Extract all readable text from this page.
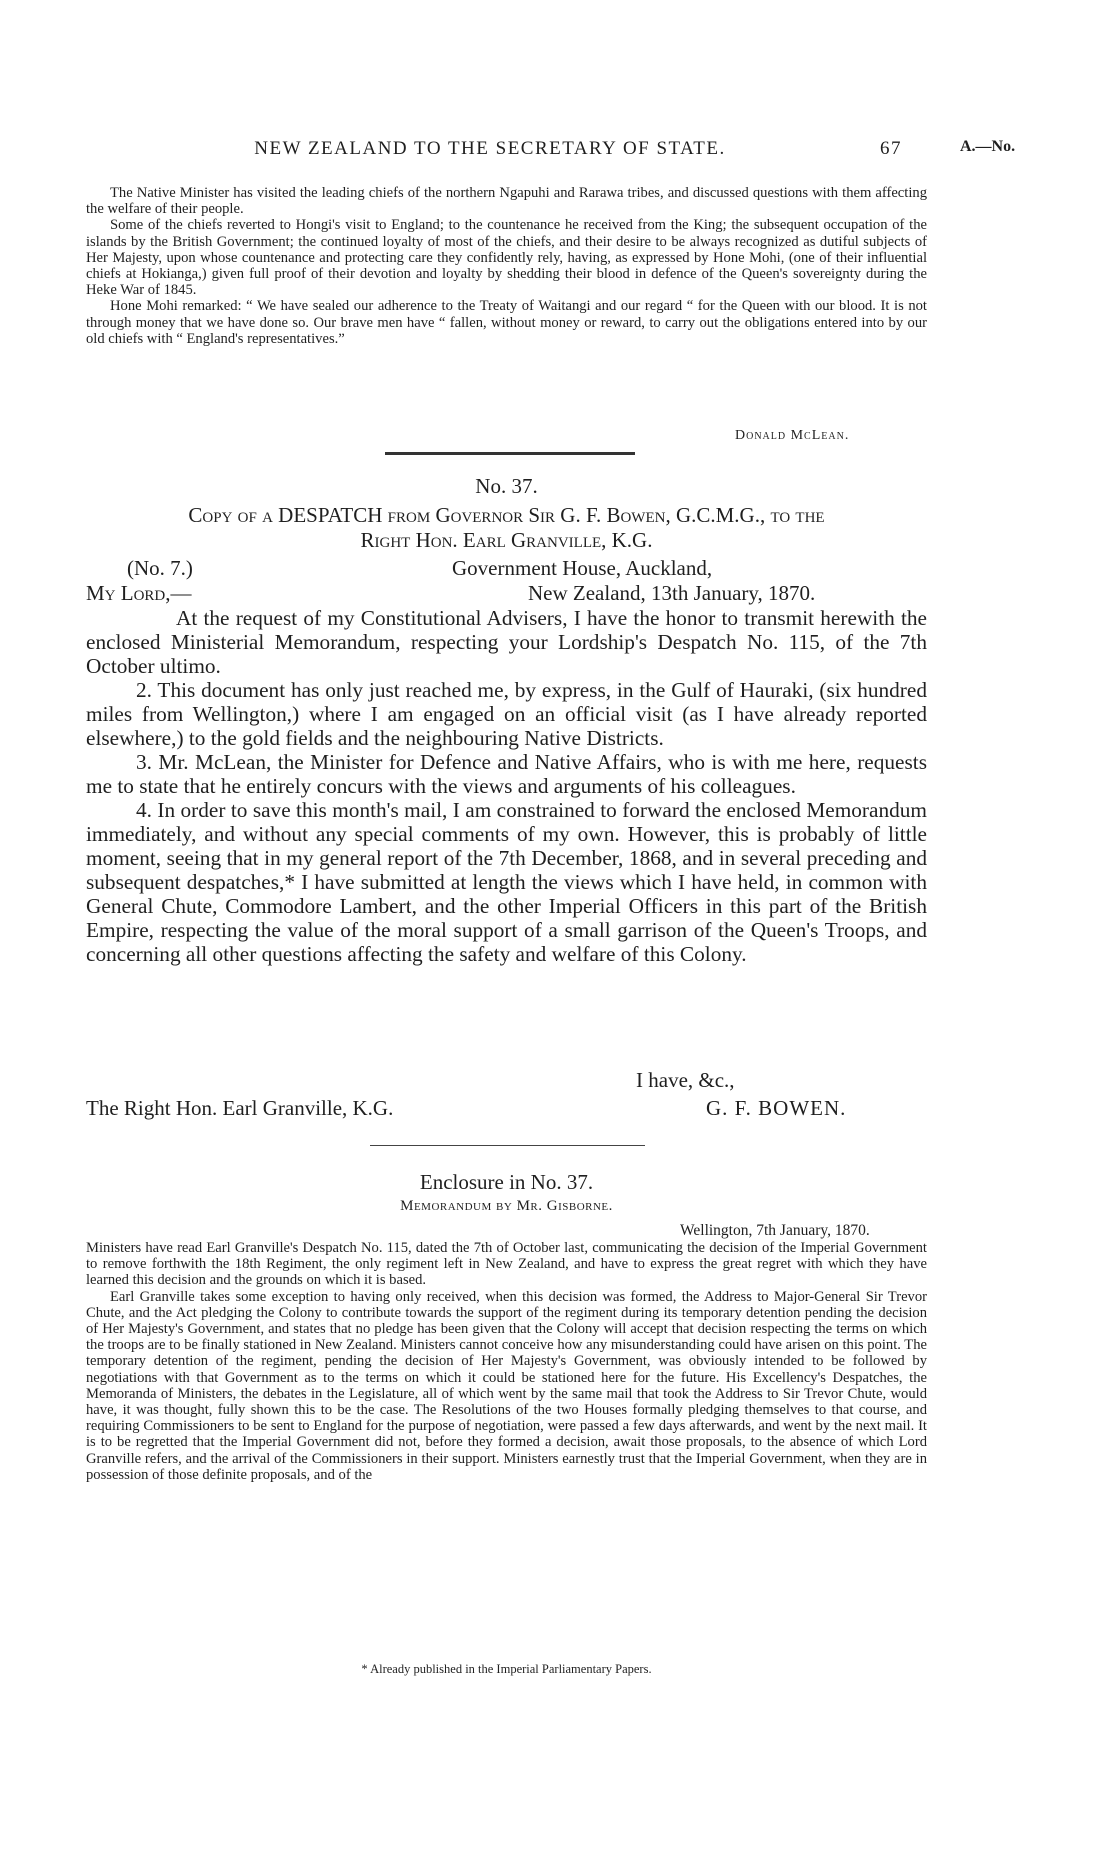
NEW ZEALAND TO THE SECRETARY OF STATE.	67	A.—No.

The Native Minister has visited the leading chiefs of the northern Ngapuhi and Rarawa tribes, and discussed questions with them affecting the welfare of their people.

Some of the chiefs reverted to Hongi's visit to England; to the countenance he received from the King; the subsequent occupation of the islands by the British Government; the continued loyalty of most of the chiefs, and their desire to be always recognized as dutiful subjects of Her Majesty, upon whose countenance and protecting care they confidently rely, having, as expressed by Hone Mohi, (one of their influential chiefs at Hokianga,) given full proof of their devotion and loyalty by shedding their blood in defence of the Queen's sovereignty during the Heke War of 1845.

Hone Mohi remarked: “ We have sealed our adherence to the Treaty of Waitangi and our regard “ for the Queen with our blood. It is not through money that we have done so. Our brave men have “ fallen, without money or reward, to carry out the obligations entered into by our old chiefs with “ England's representatives.”

Donald McLean.
No. 37.
Copy of a DESPATCH from Governor Sir G. F. Bowen, G.C.M.G., to the
Right Hon. Earl Granville, K.G.
(No. 7.)	Government House, Auckland,
My Lord,—	New Zealand, 13th January, 1870.

At the request of my Constitutional Advisers, I have the honor to transmit herewith the enclosed Ministerial Memorandum, respecting your Lordship's Despatch No. 115, of the 7th October ultimo.

2. This document has only just reached me, by express, in the Gulf of Hauraki, (six hundred miles from Wellington,) where I am engaged on an official visit (as I have already reported elsewhere,) to the gold fields and the neighbouring Native Districts.

3. Mr. McLean, the Minister for Defence and Native Affairs, who is with me here, requests me to state that he entirely concurs with the views and arguments of his colleagues.

4. In order to save this month's mail, I am constrained to forward the enclosed Memorandum immediately, and without any special comments of my own. However, this is probably of little moment, seeing that in my general report of the 7th December, 1868, and in several preceding and subsequent despatches,* I have submitted at length the views which I have held, in common with General Chute, Commodore Lambert, and the other Imperial Officers in this part of the British Empire, respecting the value of the moral support of a small garrison of the Queen's Troops, and concerning all other questions affecting the safety and welfare of this Colony.

I have, &c.,
The Right Hon. Earl Granville, K.G.	G. F. BOWEN.
Enclosure in No. 37.
Memorandum by Mr. Gisborne.
Wellington, 7th January, 1870.

Ministers have read Earl Granville's Despatch No. 115, dated the 7th of October last, communicating the decision of the Imperial Government to remove forthwith the 18th Regiment, the only regiment left in New Zealand, and have to express the great regret with which they have learned this decision and the grounds on which it is based.

Earl Granville takes some exception to having only received, when this decision was formed, the Address to Major-General Sir Trevor Chute, and the Act pledging the Colony to contribute towards the support of the regiment during its temporary detention pending the decision of Her Majesty's Government, and states that no pledge has been given that the Colony will accept that decision respecting the terms on which the troops are to be finally stationed in New Zealand. Ministers cannot conceive how any misunderstanding could have arisen on this point. The temporary detention of the regiment, pending the decision of Her Majesty's Government, was obviously intended to be followed by negotiations with that Government as to the terms on which it could be stationed here for the future. His Excellency's Despatches, the Memoranda of Ministers, the debates in the Legislature, all of which went by the same mail that took the Address to Sir Trevor Chute, would have, it was thought, fully shown this to be the case. The Resolutions of the two Houses formally pledging themselves to that course, and requiring Commissioners to be sent to England for the purpose of negotiation, were passed a few days afterwards, and went by the next mail. It is to be regretted that the Imperial Government did not, before they formed a decision, await those proposals, to the absence of which Lord Granville refers, and the arrival of the Commissioners in their support. Ministers earnestly trust that the Imperial Government, when they are in possession of those definite proposals, and of the

* Already published in the Imperial Parliamentary Papers.
